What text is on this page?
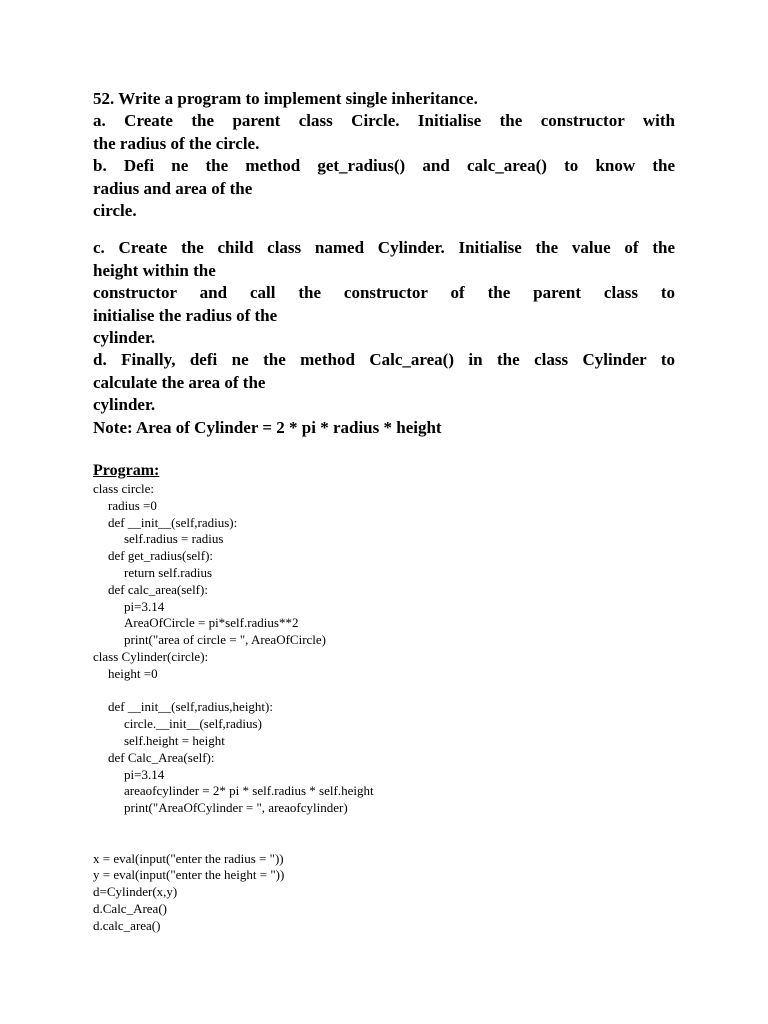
52. Write a program to implement single inheritance.
a. Create the parent class Circle. Initialise the constructor with
the radius of the circle.
b. Defi ne the method get_radius() and calc_area() to know the
radius and area of the
circle.
c. Create the child class named Cylinder. Initialise the value of the
height within the
constructor and call the constructor of the parent class to
initialise the radius of the
cylinder.
d. Finally, defi ne the method Calc_area() in the class Cylinder to
calculate the area of the
cylinder.
Note: Area of Cylinder = 2 * pi * radius * height
Program:
class circle:
radius =0
def __init__(self,radius):
self.radius = radius
def get_radius(self):
return self.radius
def calc_area(self):
pi=3.14
AreaOfCircle = pi*self.radius**2
print("area of circle = ", AreaOfCircle)
class Cylinder(circle):
height =0
def __init__(self,radius,height):
circle.__init__(self,radius)
self.height = height
def Calc_Area(self):
pi=3.14
areaofcylinder = 2* pi * self.radius * self.height
print("AreaOfCylinder = ", areaofcylinder)
x = eval(input("enter the radius = "))
y = eval(input("enter the height = "))
d=Cylinder(x,y)
d.Calc_Area()
d.calc_area()
